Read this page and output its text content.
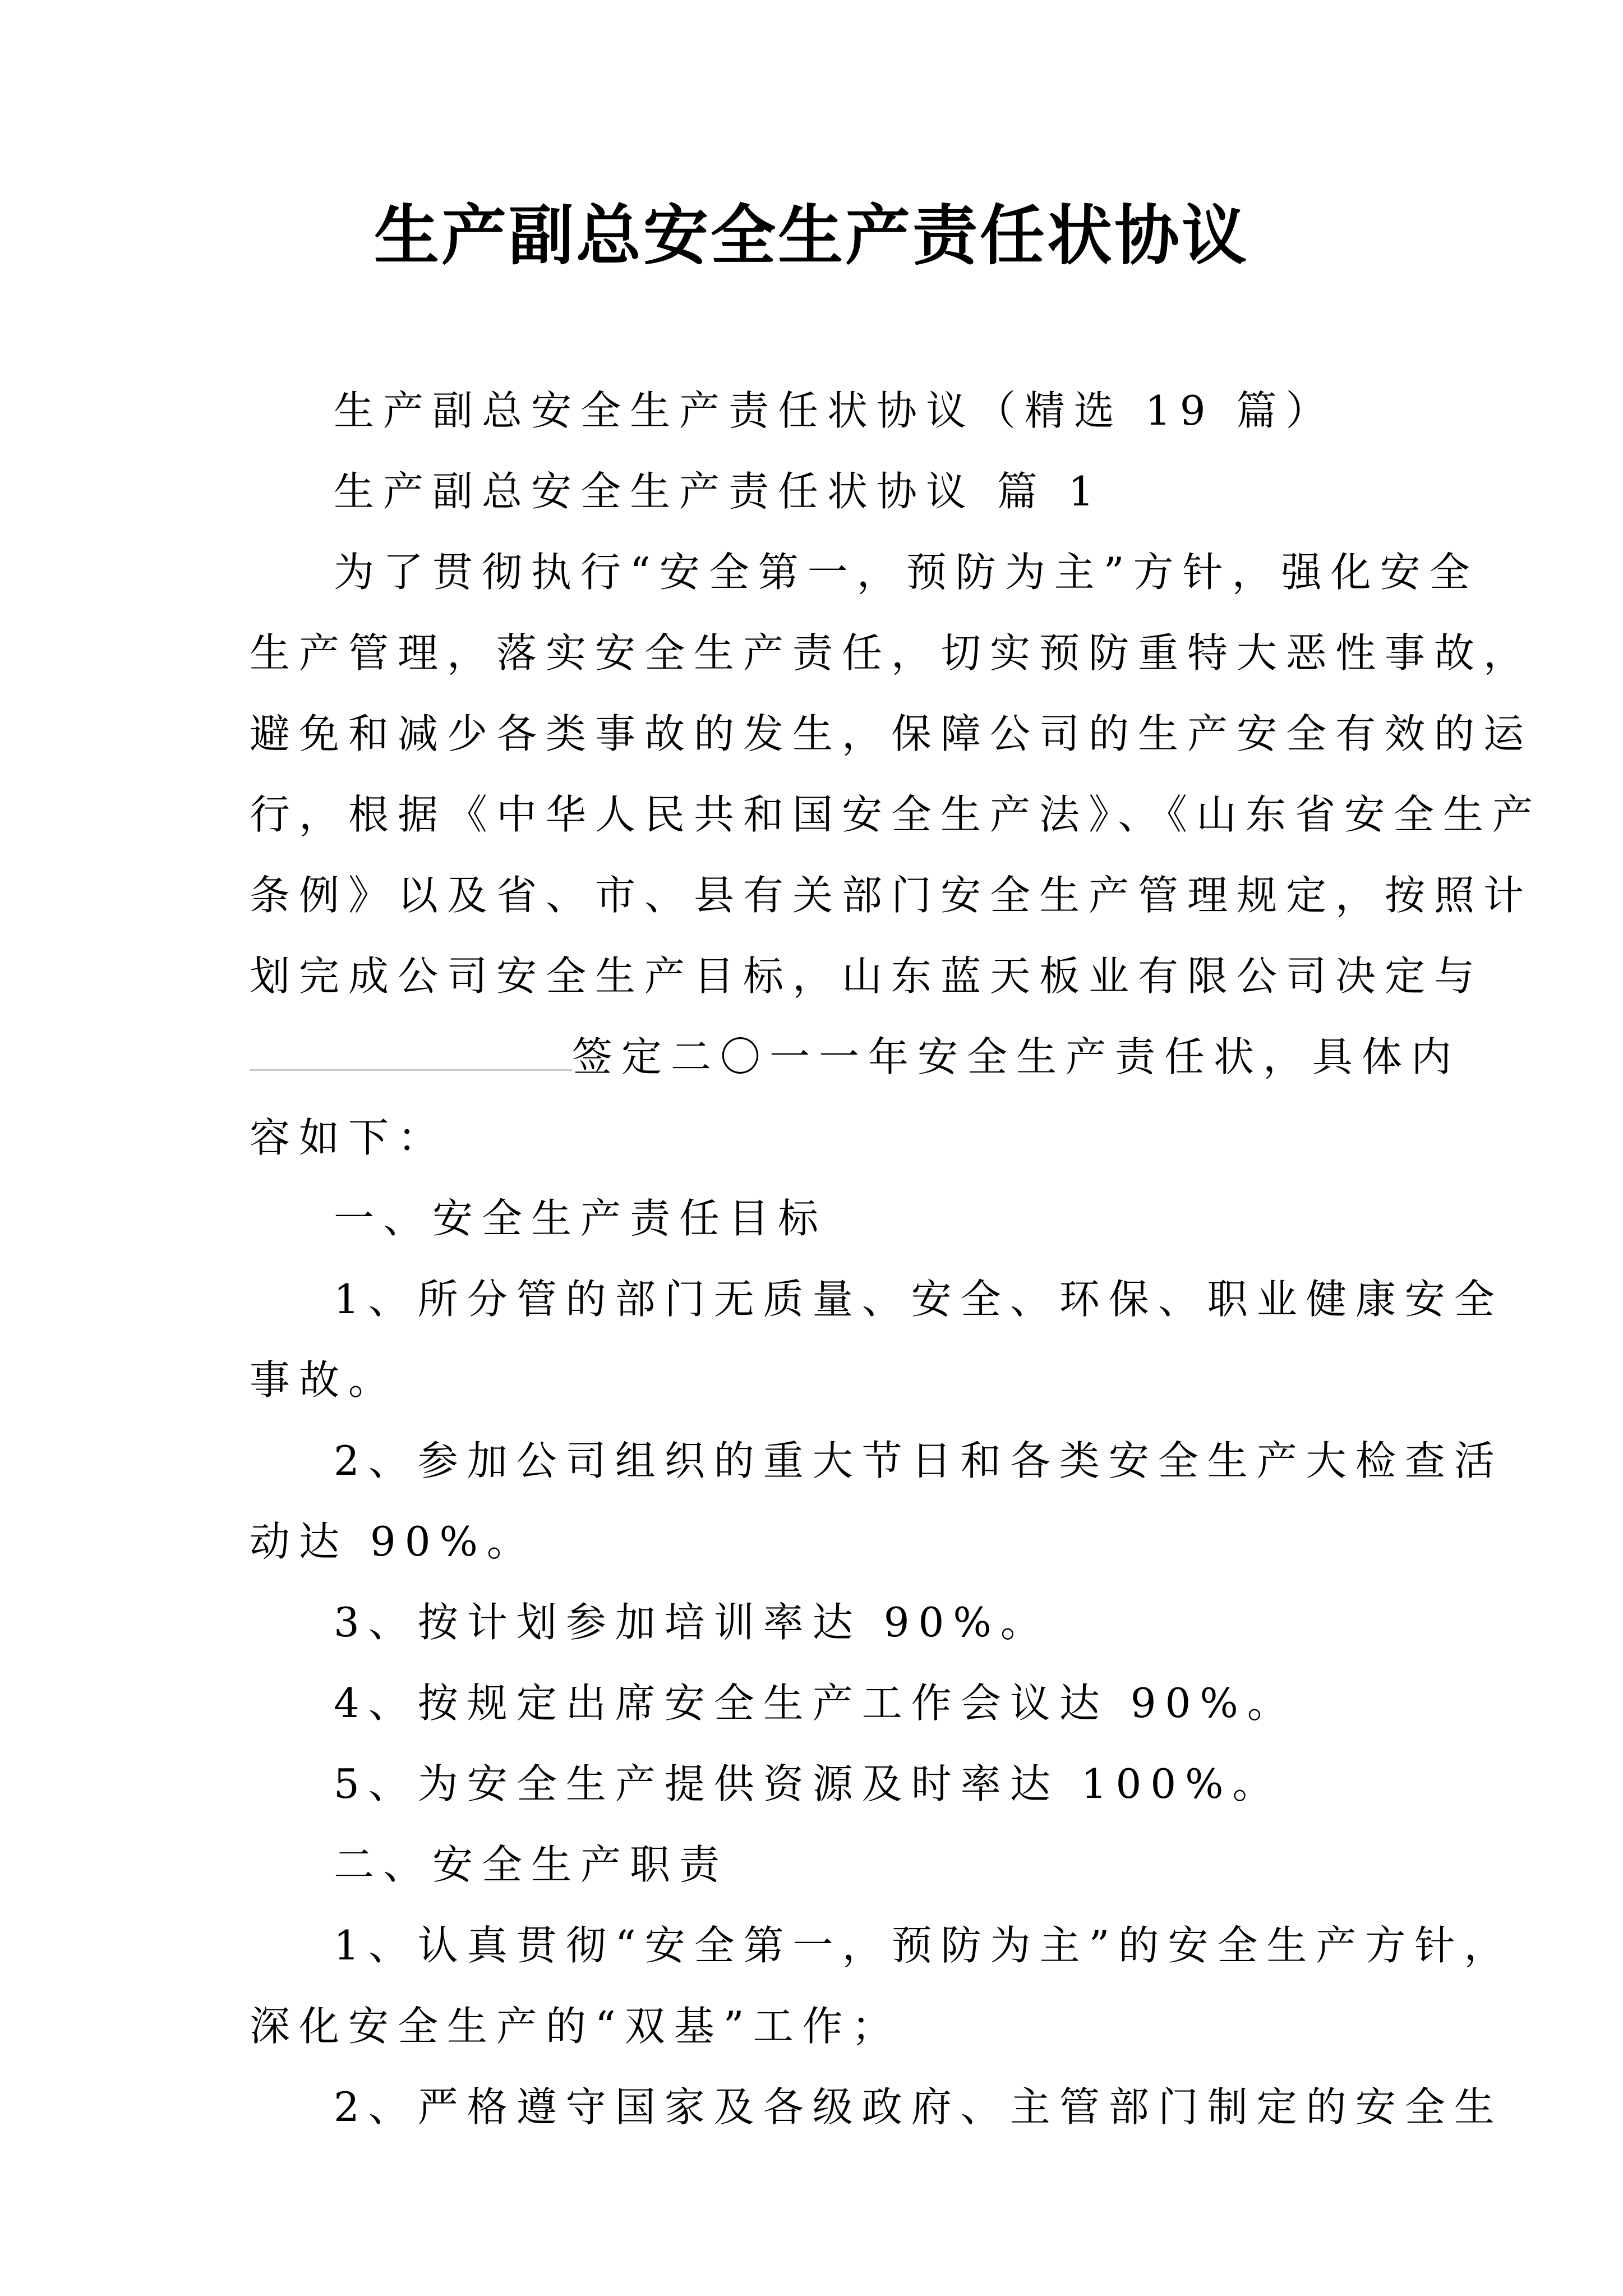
生产副总安全生产责任状协议
生产副总安全生产责任状协议（精选 19 篇）
生产副总安全生产责任状协议 篇 1
为了贯彻执行“安全第一，预防为主”方针，强化安全
生产管理，落实安全生产责任，切实预防重特大恶性事故，
避免和减少各类事故的发生，保障公司的生产安全有效的运
行，根据《中华人民共和国安全生产法》、《山东省安全生产
条例》以及省、市、县有关部门安全生产管理规定，按照计
划完成公司安全生产目标，山东蓝天板业有限公司决定与
签定二〇一一年安全生产责任状，具体内
容如下：
一、安全生产责任目标
1、所分管的部门无质量、安全、环保、职业健康安全
事故。
2、参加公司组织的重大节日和各类安全生产大检查活
动达 90%。
3、按计划参加培训率达 90%。
4、按规定出席安全生产工作会议达 90%。
5、为安全生产提供资源及时率达 100%。
二、安全生产职责
1、认真贯彻“安全第一，预防为主”的安全生产方针，
深化安全生产的“双基”工作；
2、严格遵守国家及各级政府、主管部门制定的安全生
